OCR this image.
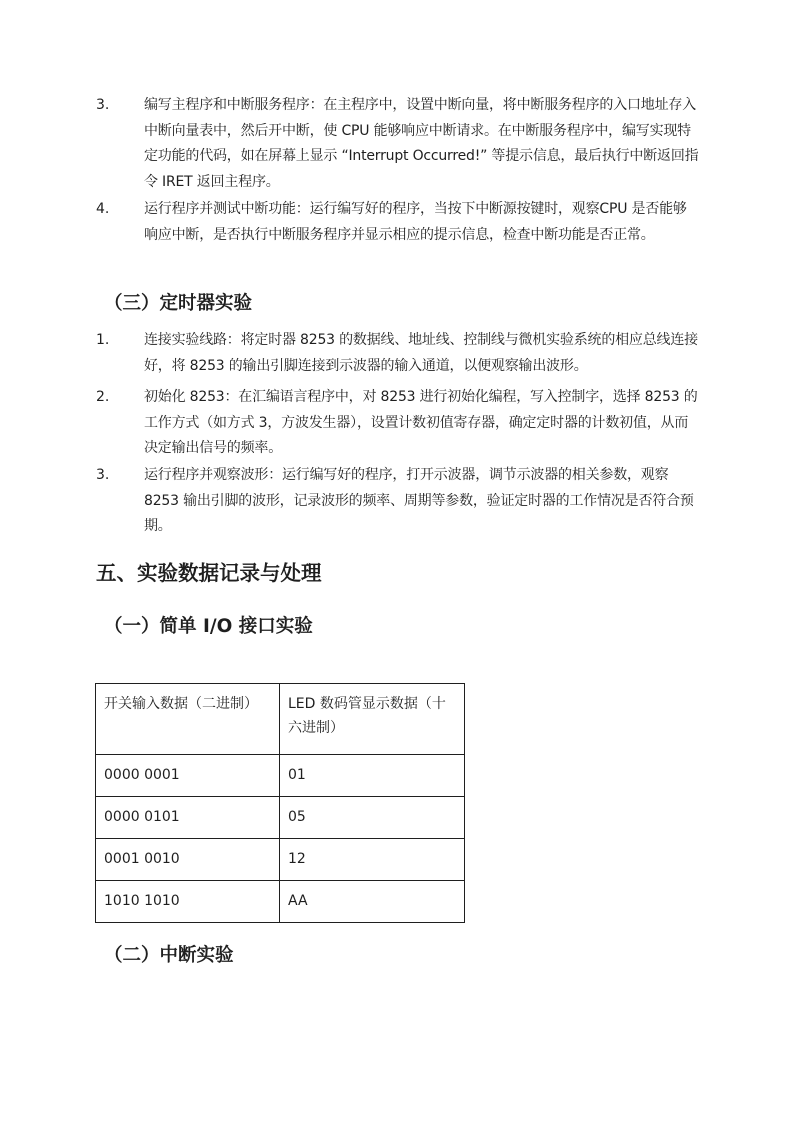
3.	编写主程序和中断服务程序：在主程序中，设置中断向量，将中断服务程序的入口地址存入中断向量表中，然后开中断，使 CPU 能够响应中断请求。在中断服务程序中，编写实现特定功能的代码，如在屏幕上显示 “Interrupt Occurred!” 等提示信息，最后执行中断返回指令 IRET 返回主程序。
4.	运行程序并测试中断功能：运行编写好的程序，当按下中断源按键时，观察CPU 是否能够响应中断，是否执行中断服务程序并显示相应的提示信息，检查中断功能是否正常。
（三）定时器实验
1.	连接实验线路：将定时器 8253 的数据线、地址线、控制线与微机实验系统的相应总线连接好，将 8253 的输出引脚连接到示波器的输入通道，以便观察输出波形。
2.	初始化 8253：在汇编语言程序中，对 8253 进行初始化编程，写入控制字，选择 8253 的工作方式（如方式 3，方波发生器），设置计数初值寄存器，确定定时器的计数初值，从而决定输出信号的频率。
3.	运行程序并观察波形：运行编写好的程序，打开示波器，调节示波器的相关参数，观察 8253 输出引脚的波形，记录波形的频率、周期等参数，验证定时器的工作情况是否符合预期。
五、实验数据记录与处理
（一）简单 I/O 接口实验
开关输入数据（二进制）	LED 数码管显示数据（十六进制）
0000 0001	01
0000 0101	05
0001 0010	12
1010 1010	AA
（二）中断实验
